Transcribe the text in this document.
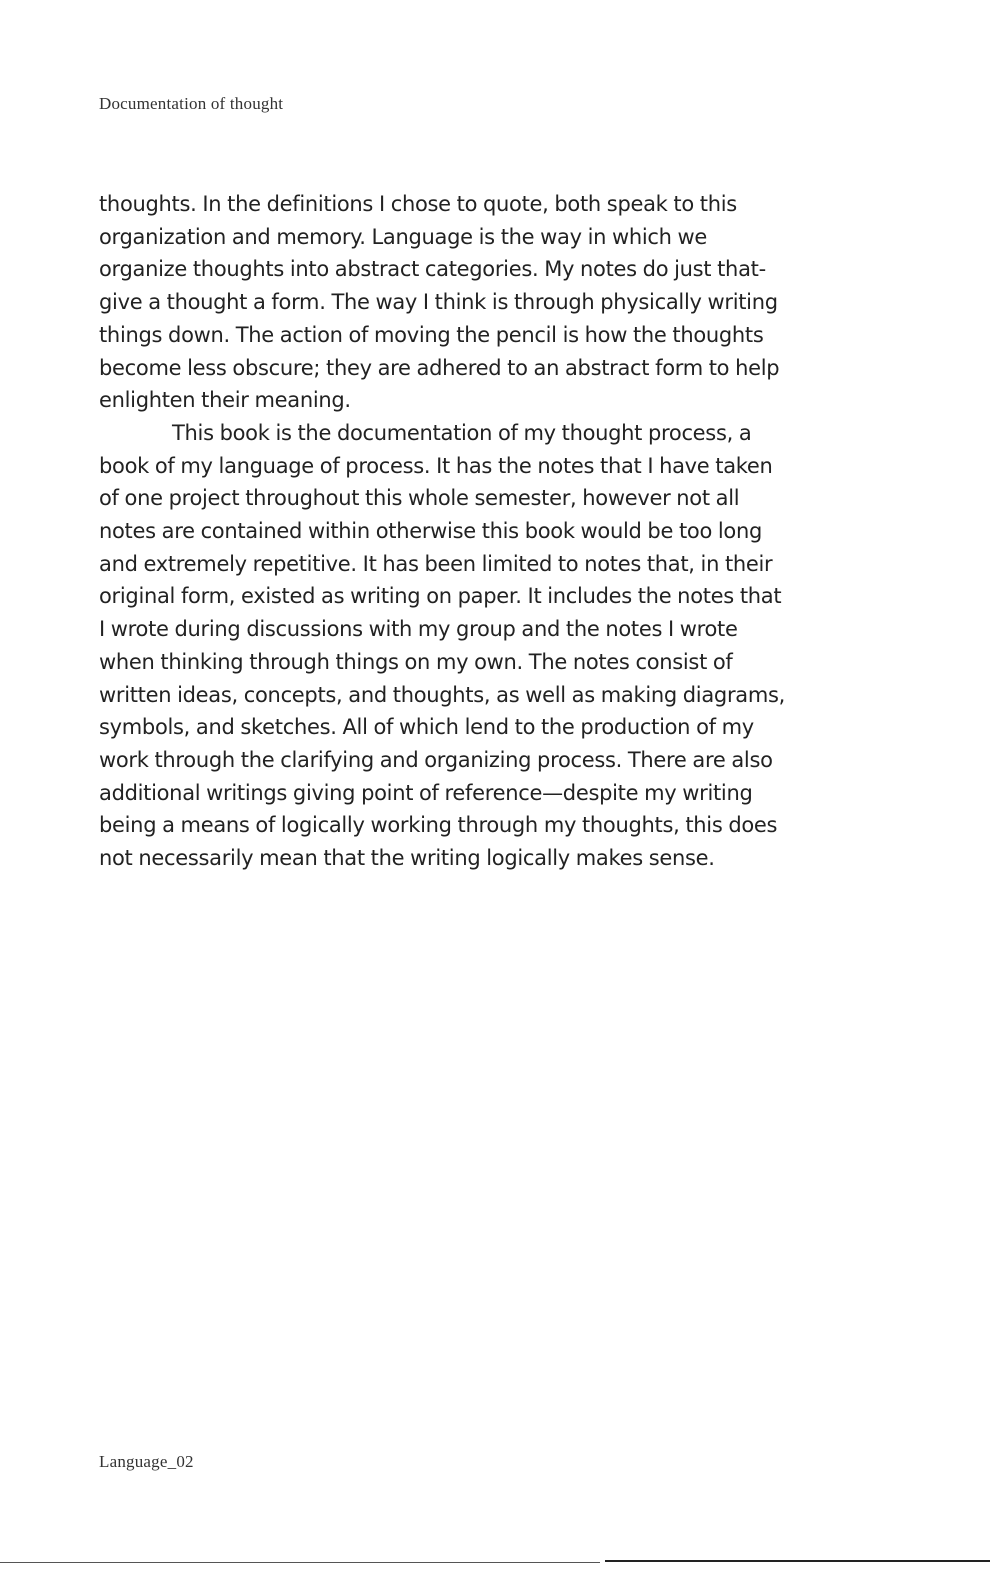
Documentation of thought

thoughts. In the definitions I chose to quote, both speak to this organization and memory. Language is the way in which we organize thoughts into abstract categories. My notes do just that- give a thought a form. The way I think is through physically writing things down. The action of moving the pencil is how the thoughts become less obscure; they are adhered to an abstract form to help enlighten their meaning.

This book is the documentation of my thought process, a book of my language of process. It has the notes that I have taken of one project throughout this whole semester, however not all notes are contained within otherwise this book would be too long and extremely repetitive. It has been limited to notes that, in their original form, existed as writing on paper. It includes the notes that I wrote during discussions with my group and the notes I wrote when thinking through things on my own. The notes consist of written ideas, concepts, and thoughts, as well as making diagrams, symbols, and sketches. All of which lend to the production of my work through the clarifying and organizing process. There are also additional writings giving point of reference—despite my writing being a means of logically working through my thoughts, this does not necessarily mean that the writing logically makes sense.

Language_02
